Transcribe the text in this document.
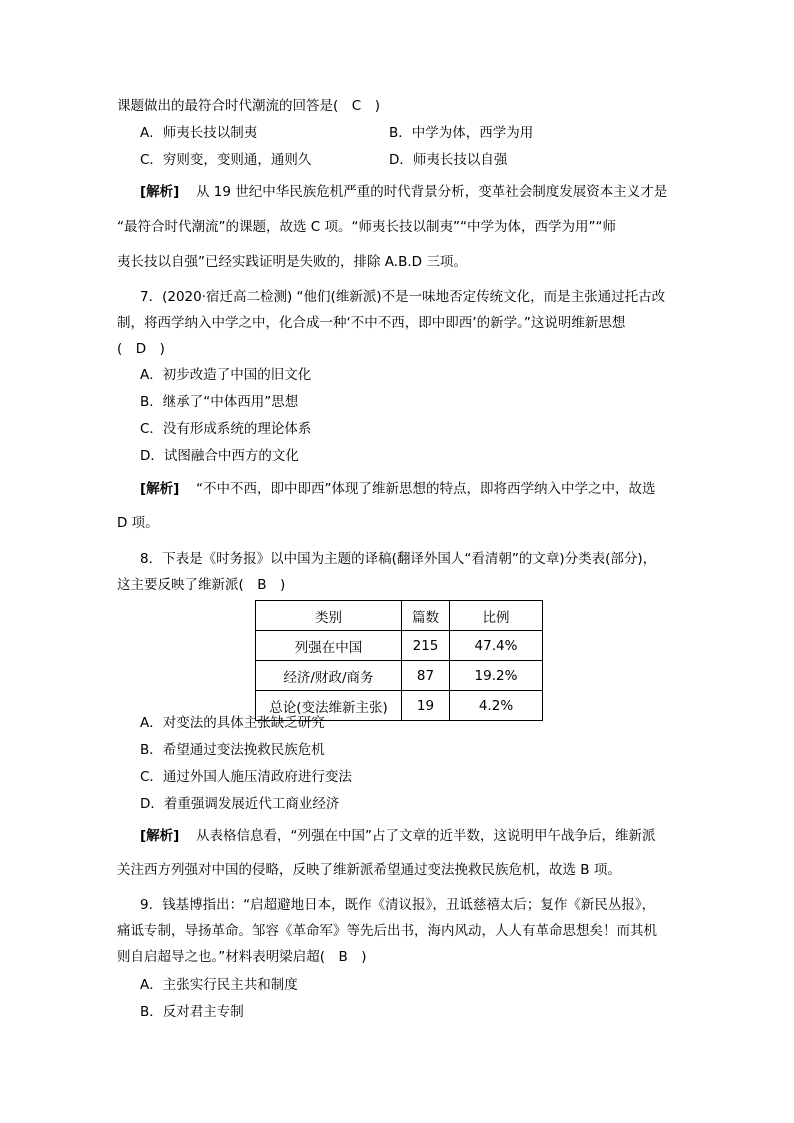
课题做出的最符合时代潮流的回答是(　C　)
A．师夷长技以制夷	B．中学为体，西学为用
C．穷则变，变则通，通则久	D．师夷长技以自强
[解析] 从 19 世纪中华民族危机严重的时代背景分析，变革社会制度发展资本主义才是
“最符合时代潮流”的课题，故选 C 项。“师夷长技以制夷”“中学为体，西学为用”“师
夷长技以自强”已经实践证明是失败的，排除 A.B.D 三项。
7．(2020·宿迁高二检测) “他们(维新派)不是一味地否定传统文化，而是主张通过托古改
制，将西学纳入中学之中，化合成一种‘不中不西，即中即西’的新学。”这说明维新思想
(　D　)
A．初步改造了中国的旧文化
B．继承了“中体西用”思想
C．没有形成系统的理论体系
D．试图融合中西方的文化
[解析] “不中不西，即中即西”体现了维新思想的特点，即将西学纳入中学之中，故选
D 项。
8．下表是《时务报》以中国为主题的译稿(翻译外国人“看清朝”的文章)分类表(部分)，
这主要反映了维新派(　B　)
类别	篇数	比例
列强在中国	215	47.4%
经济/财政/商务	87	19.2%
总论(变法维新主张)	19	4.2%
A．对变法的具体主张缺乏研究
B．希望通过变法挽救民族危机
C．通过外国人施压清政府进行变法
D．着重强调发展近代工商业经济
[解析] 从表格信息看，“列强在中国”占了文章的近半数，这说明甲午战争后，维新派
关注西方列强对中国的侵略，反映了维新派希望通过变法挽救民族危机，故选 B 项。
9．钱基博指出：“启超避地日本，既作《清议报》，丑诋慈禧太后；复作《新民丛报》，
痛诋专制，导扬革命。邹容《革命军》等先后出书，海内风动，人人有革命思想矣！而其机
则自启超导之也。”材料表明梁启超(　B　)
A．主张实行民主共和制度
B．反对君主专制
